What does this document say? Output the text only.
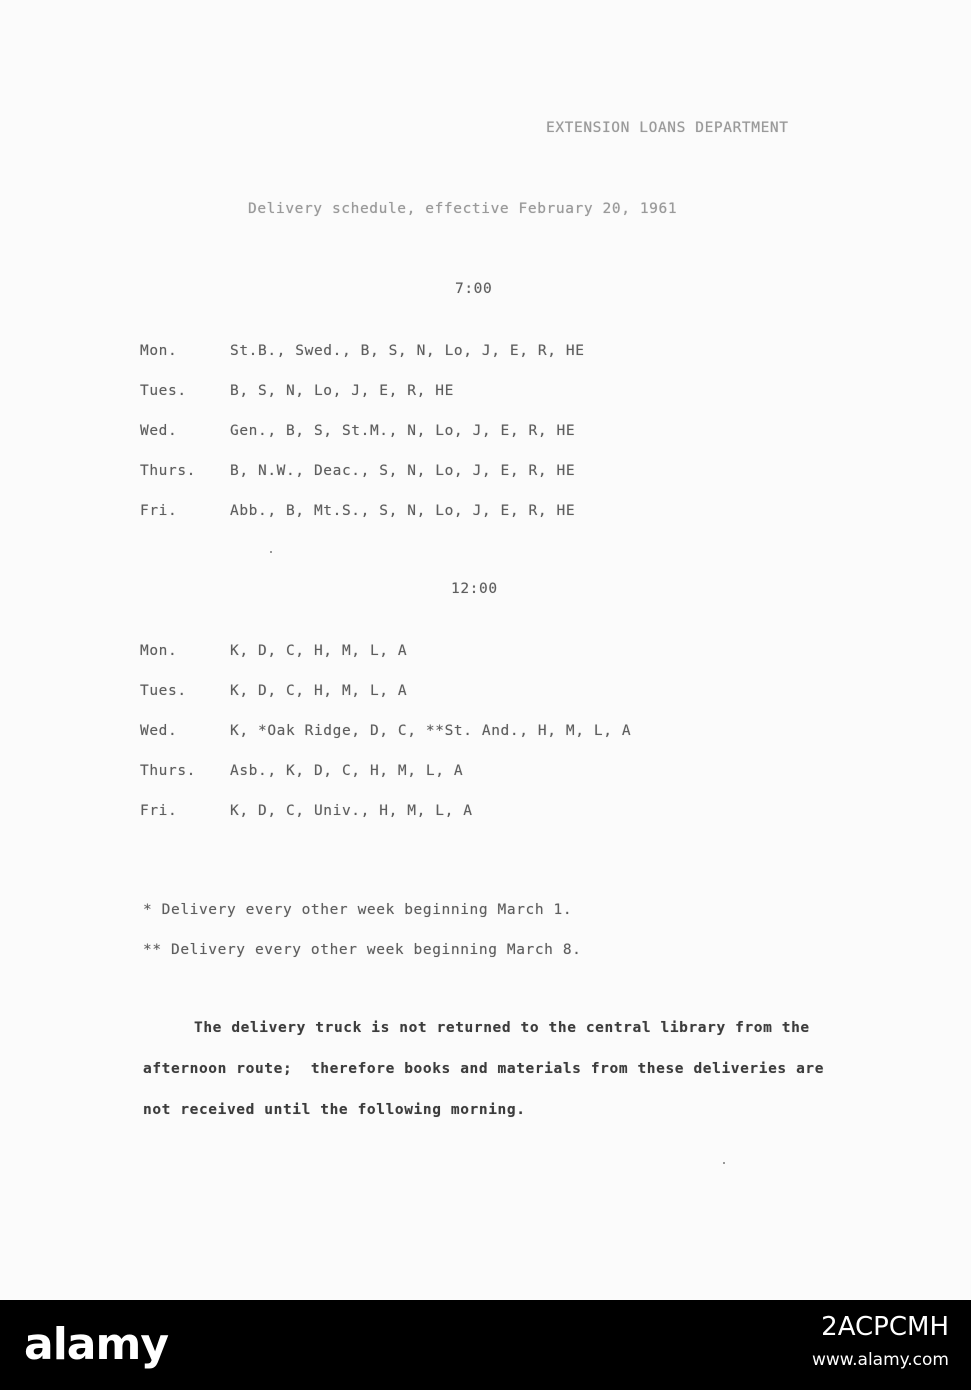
EXTENSION LOANS DEPARTMENT
Delivery schedule, effective February 20, 1961
7:00
Mon.	St.B., Swed., B, S, N, Lo, J, E, R, HE
Tues.	B, S, N, Lo, J, E, R, HE
Wed.	Gen., B, S, St.M., N, Lo, J, E, R, HE
Thurs. B, N.W., Deac., S, N, Lo, J, E, R, HE
Fri.	Abb., B, Mt.S., S, N, Lo, J, E, R, HE
12:00
Mon.	K, D, C, H, M, L, A
Tues.	K, D, C, H, M, L, A
Wed.	K, *Oak Ridge, D, C, **St. And., H, M, L, A
Thurs. Asb., K, D, C, H, M, L, A
Fri.	K, D, C, Univ., H, M, L, A
* Delivery every other week beginning March 1.
** Delivery every other week beginning March 8.
The delivery truck is not returned to the central library from the
afternoon route;  therefore books and materials from these deliveries are
not received until the following morning.
alamy	2ACPCMH
www.alamy.com
